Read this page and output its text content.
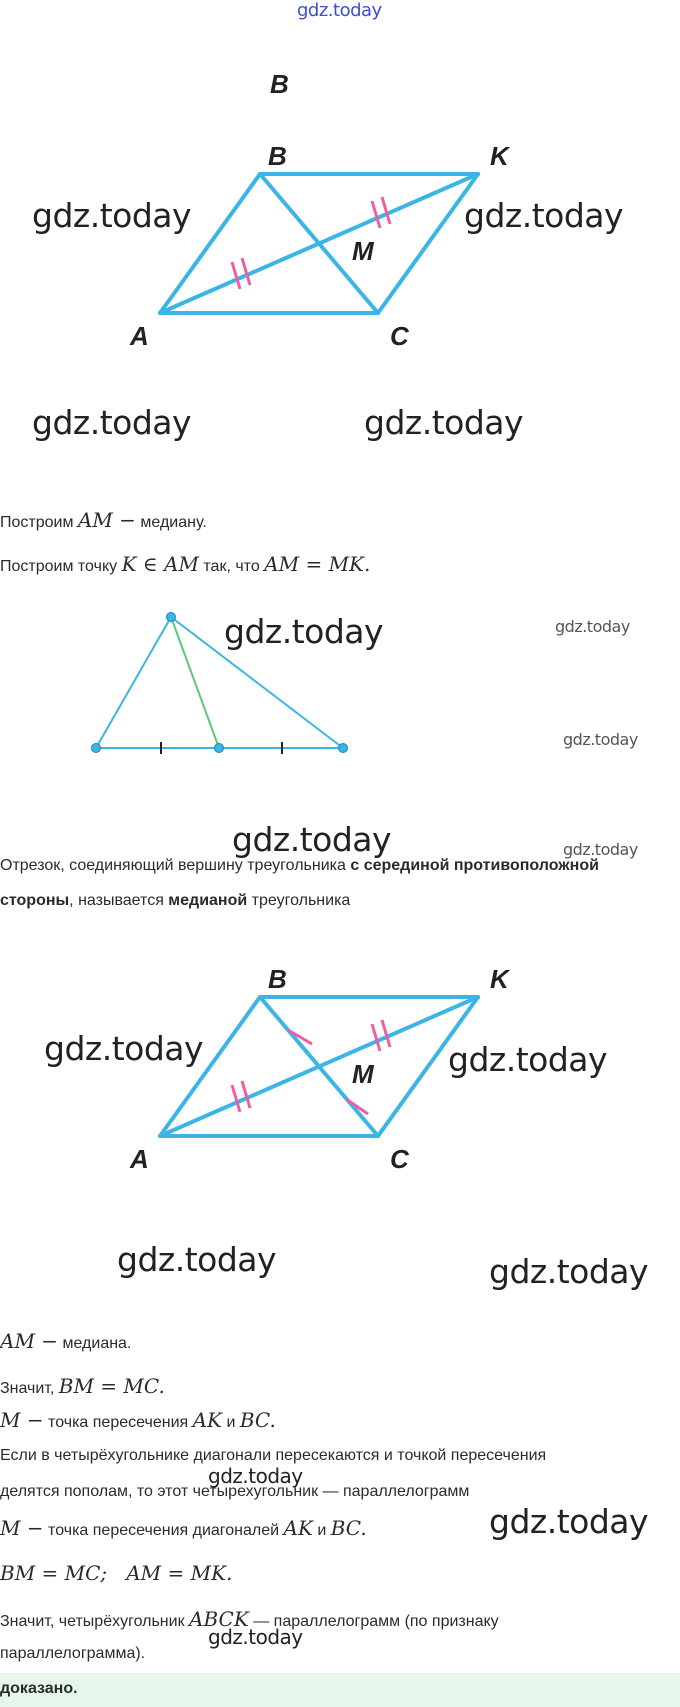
gdz.today
B
B	K
M
A	C
gdz.today	gdz.today
gdz.today	gdz.today
Построим AM − медиану.
Построим точку K ∈ AM так, что AM = MK.
gdz.today	gdz.today
gdz.today
gdz.today	gdz.today
Отрезок, соединяющий вершину треугольника с серединой противоположной
стороны, называется медианой треугольника
B	K
M
A	C
gdz.today	gdz.today
gdz.today	gdz.today
AM − медиана.
Значит, BM = MC.
M − точка пересечения AK и BC.
Если в четырёхугольнике диагонали пересекаются и точкой пересечения
делятся пополам, то этот четырехугольник — параллелограмм
M − точка пересечения диагоналей AK и BC.
BM = MC;   AM = MK.
Значит, четырёхугольник ABCK — параллелограмм (по признаку
параллелограмма).
gdz.today
gdz.today
gdz.today
доказано.
